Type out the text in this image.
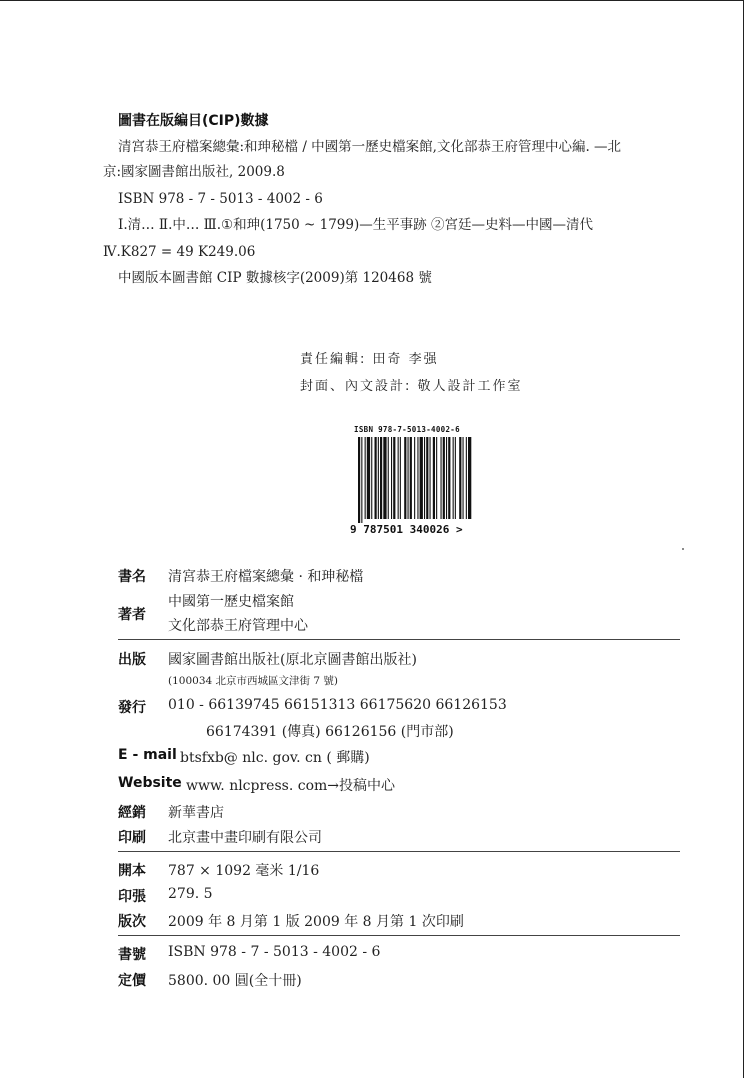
圖書在版編目(CIP)數據
清宮恭王府檔案總彙:和珅秘檔 / 中國第一歷史檔案館,文化部恭王府管理中心編. —北
京:國家圖書館出版社, 2009.8
ISBN 978 - 7 - 5013 - 4002 - 6
Ⅰ.清… Ⅱ.中… Ⅲ.①和珅(1750 ~ 1799)—生平事跡 ②宮廷—史料—中國—清代
Ⅳ.K827 = 49 K249.06
中國版本圖書館 CIP 數據核字(2009)第 120468 號
責任編輯: 田奇 李强
封面、內文設計: 敬人設計工作室
ISBN 978-7-5013-4002-6
9 787501 340026 >
書名 清宮恭王府檔案總彙 · 和珅秘檔
著者
中國第一歷史檔案館
文化部恭王府管理中心
出版 國家圖書館出版社(原北京圖書館出版社)
(100034 北京市西城區文津街 7 號)
發行 010 - 66139745 66151313 66175620 66126153
66174391 (傳真) 66126156 (門市部)
E - mail btsfxb@ nlc. gov. cn ( 郵購)
Website www. nlcpress. com→投稿中心
經銷 新華書店
印刷 北京畫中畫印刷有限公司
開本 787 × 1092 毫米 1/16
印張 279. 5
版次 2009 年 8 月第 1 版 2009 年 8 月第 1 次印刷
書號 ISBN 978 - 7 - 5013 - 4002 - 6
定價 5800. 00 圓(全十冊)
